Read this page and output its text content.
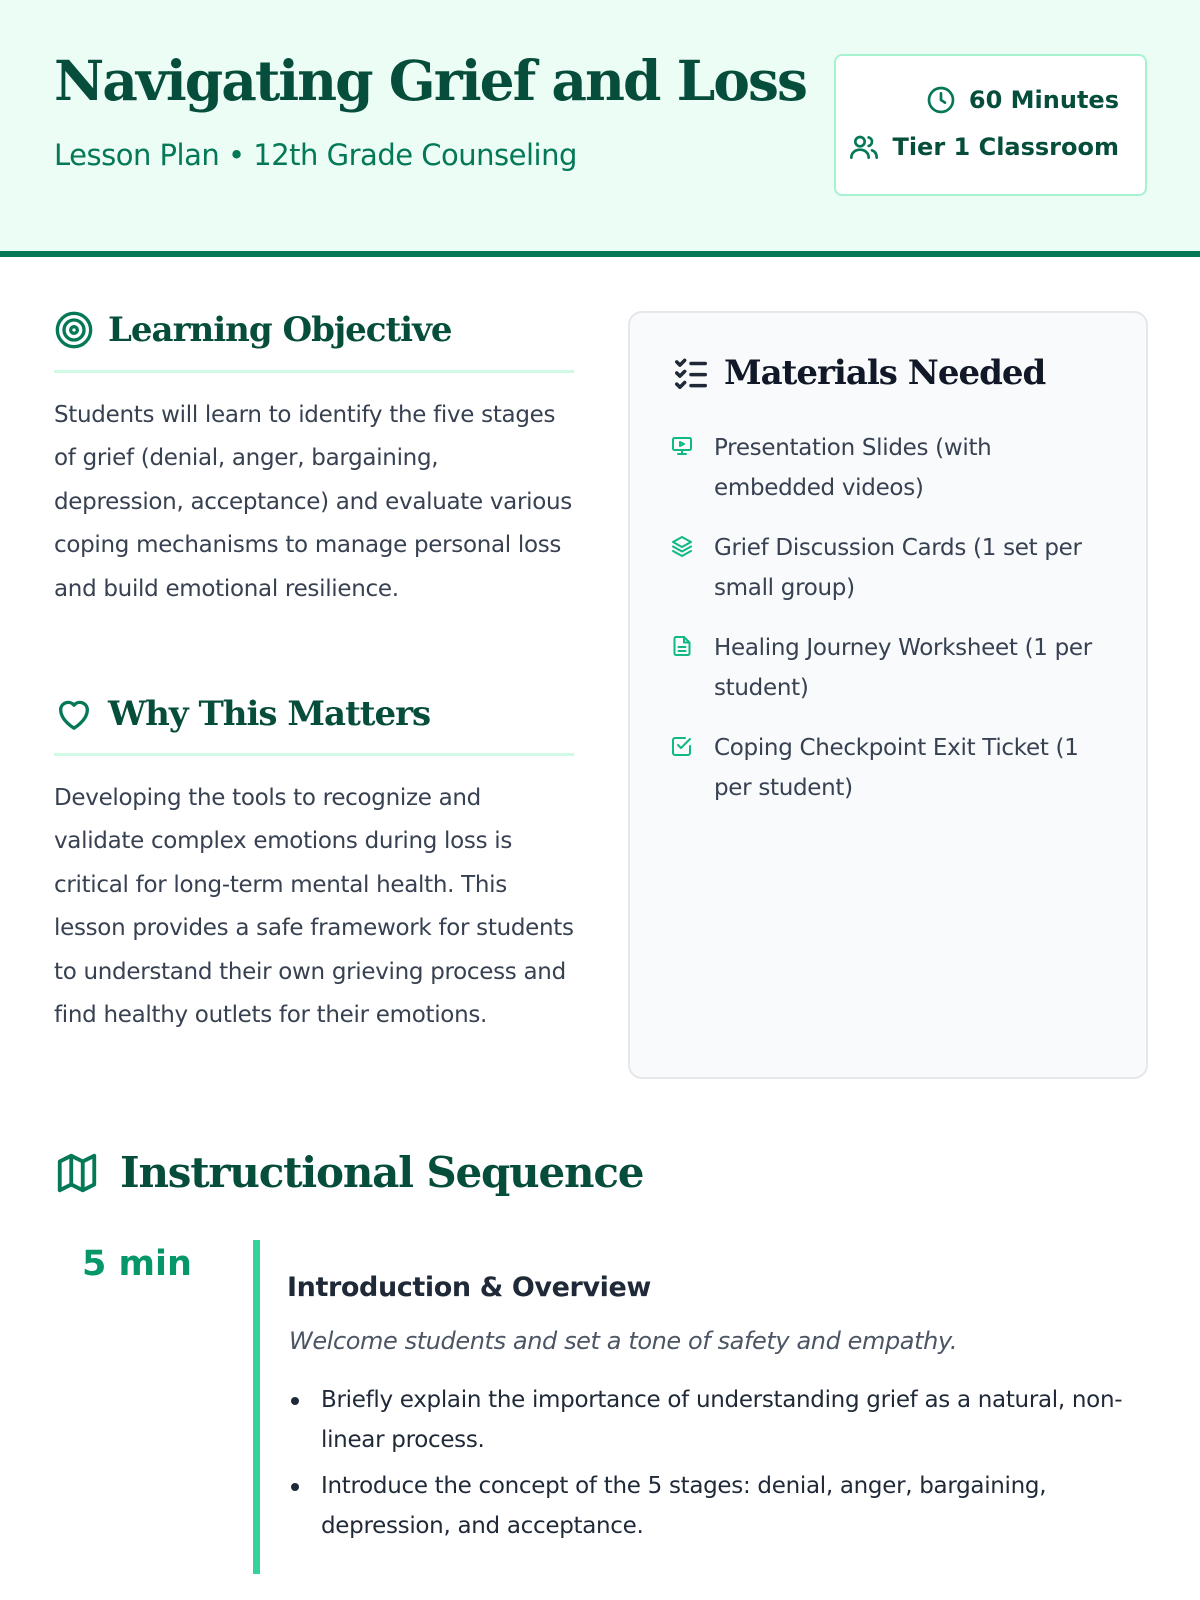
Navigating Grief and Loss
Lesson Plan • 12th Grade Counseling
60 Minutes
Tier 1 Classroom
Learning Objective

Students will learn to identify the five stages of grief (denial, anger, bargaining, depression, acceptance) and evaluate various coping mechanisms to manage personal loss and build emotional resilience.

Why This Matters

Developing the tools to recognize and validate complex emotions during loss is critical for long-term mental health. This lesson provides a safe framework for students to understand their own grieving process and find healthy outlets for their emotions.

Materials Needed
Presentation Slides (with embedded videos)
Grief Discussion Cards (1 set per small group)
Healing Journey Worksheet (1 per student)
Coping Checkpoint Exit Ticket (1 per student)
Instructional Sequence
5 min
Introduction & Overview
Welcome students and set a tone of safety and empathy.
Briefly explain the importance of understanding grief as a natural, non-linear process.
Introduce the concept of the 5 stages: denial, anger, bargaining, depression, and acceptance.
